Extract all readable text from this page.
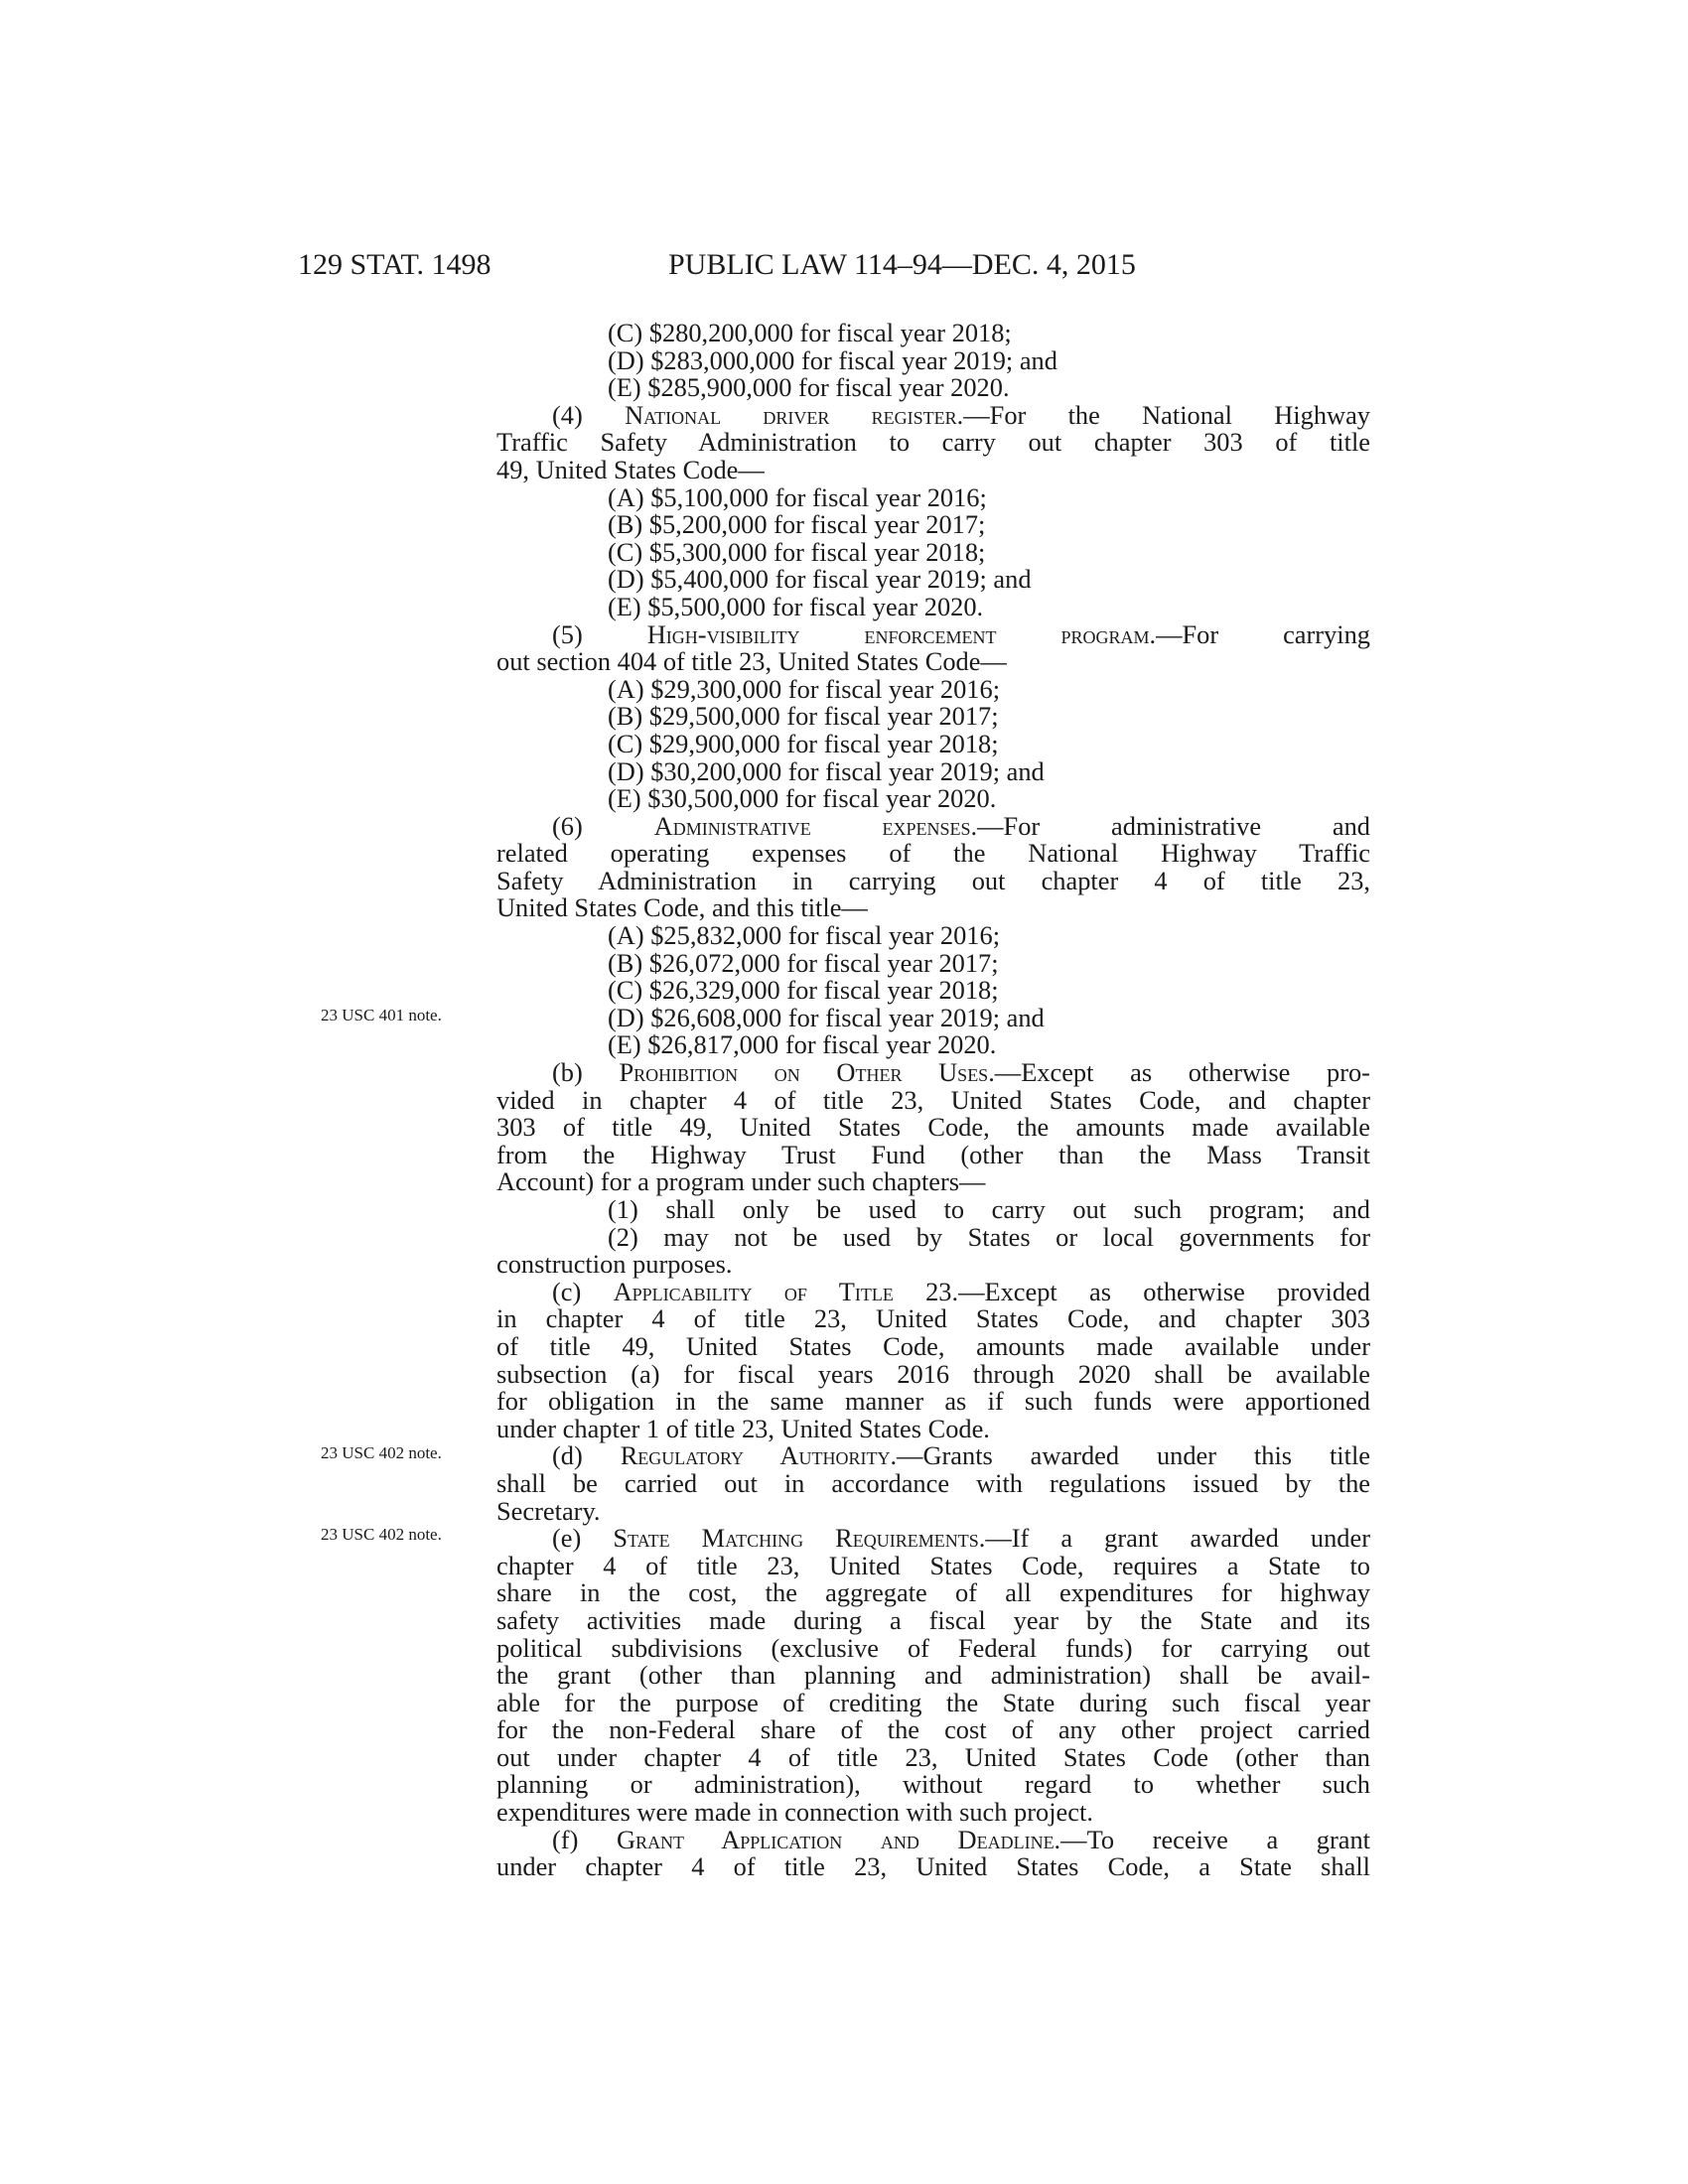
129 STAT. 1498	PUBLIC LAW 114–94—DEC. 4, 2015
23 USC 401 note.
23 USC 402 note.
23 USC 402 note.
(C) $280,200,000 for fiscal year 2018;
(D) $283,000,000 for fiscal year 2019; and
(E) $285,900,000 for fiscal year 2020.
(4) National driver register.—For the National Highway
Traffic Safety Administration to carry out chapter 303 of title
49, United States Code—
(A) $5,100,000 for fiscal year 2016;
(B) $5,200,000 for fiscal year 2017;
(C) $5,300,000 for fiscal year 2018;
(D) $5,400,000 for fiscal year 2019; and
(E) $5,500,000 for fiscal year 2020.
(5) High-visibility enforcement program.—For carrying
out section 404 of title 23, United States Code—
(A) $29,300,000 for fiscal year 2016;
(B) $29,500,000 for fiscal year 2017;
(C) $29,900,000 for fiscal year 2018;
(D) $30,200,000 for fiscal year 2019; and
(E) $30,500,000 for fiscal year 2020.
(6)	Administrative expenses.—For administrative and
related operating expenses of the National Highway Traffic
Safety Administration in carrying out chapter 4 of title 23,
United States Code, and this title—
(A) $25,832,000 for fiscal year 2016;
(B) $26,072,000 for fiscal year 2017;
(C) $26,329,000 for fiscal year 2018;
(D) $26,608,000 for fiscal year 2019; and
(E) $26,817,000 for fiscal year 2020.
(b) Prohibition on Other Uses.—Except as otherwise pro-
vided in chapter 4 of title 23, United States Code, and chapter
303 of title 49, United States Code, the amounts made available
from the Highway Trust Fund (other than the Mass Transit
Account) for a program under such chapters—
(1) shall only be used to carry out such program; and
(2) may not be used by States or local governments for
construction purposes.
(c) Applicability of Title 23.—Except as otherwise provided
in chapter 4 of title 23, United States Code, and chapter 303
of title 49, United States Code, amounts made available under
subsection (a) for fiscal years 2016 through 2020 shall be available
for obligation in the same manner as if such funds were apportioned
under chapter 1 of title 23, United States Code.
(d) Regulatory Authority.—Grants awarded under this title
shall be carried out in accordance with regulations issued by the
Secretary.
(e) State Matching Requirements.—If a grant awarded under
chapter 4 of title 23, United States Code, requires a State to
share in the cost, the aggregate of all expenditures for highway
safety activities made during a fiscal year by the State and its
political subdivisions (exclusive of Federal funds) for carrying out
the grant (other than planning and administration) shall be avail-
able for the purpose of crediting the State during such fiscal year
for the non-Federal share of the cost of any other project carried
out under chapter 4 of title 23, United States Code (other than
planning or administration), without regard to whether such
expenditures were made in connection with such project.
(f) Grant Application and Deadline.—To receive a grant
under chapter 4 of title 23, United States Code, a State shall
